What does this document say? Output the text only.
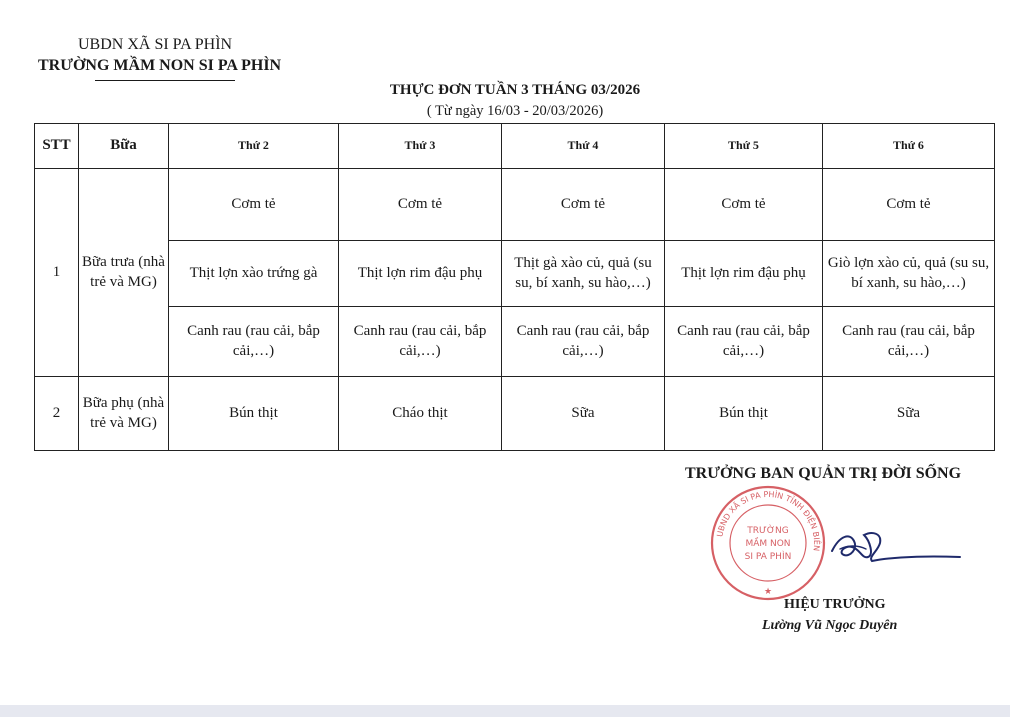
UBDN XÃ SI PA PHÌN
TRƯỜNG MẦM NON SI PA PHÌN
THỰC ĐƠN TUẦN 3 THÁNG 03/2026
( Từ ngày 16/03 - 20/03/2026)
STT	Bữa	Thứ 2	Thứ 3	Thứ 4	Thứ 5	Thứ 6
1	Bữa trưa (nhà trẻ và MG)	Cơm tẻ	Cơm tẻ	Cơm tẻ	Cơm tẻ	Cơm tẻ
		Thịt lợn xào trứng gà	Thịt lợn rim đậu phụ	Thịt gà xào củ, quả (su su, bí xanh, su hào,…)	Thịt lợn rim đậu phụ	Giò lợn xào củ, quả (su su, bí xanh, su hào,…)
		Canh rau (rau cải, bắp cải,…)	Canh rau (rau cải, bắp cải,…)	Canh rau (rau cải, bắp cải,…)	Canh rau (rau cải, bắp cải,…)	Canh rau (rau cải, bắp cải,…)
2	Bữa phụ (nhà trẻ và MG)	Bún thịt	Cháo thịt	Sữa	Bún thịt	Sữa
TRƯỞNG BAN QUẢN TRỊ ĐỜI SỐNG
UBND XÃ SI PA PHÌN TỈNH ĐIỆN BIÊN
TRƯỜNG
MẦM NON
SI PA PHÌN
★
HIỆU TRƯỞNG
Lường Vũ Ngọc Duyên
